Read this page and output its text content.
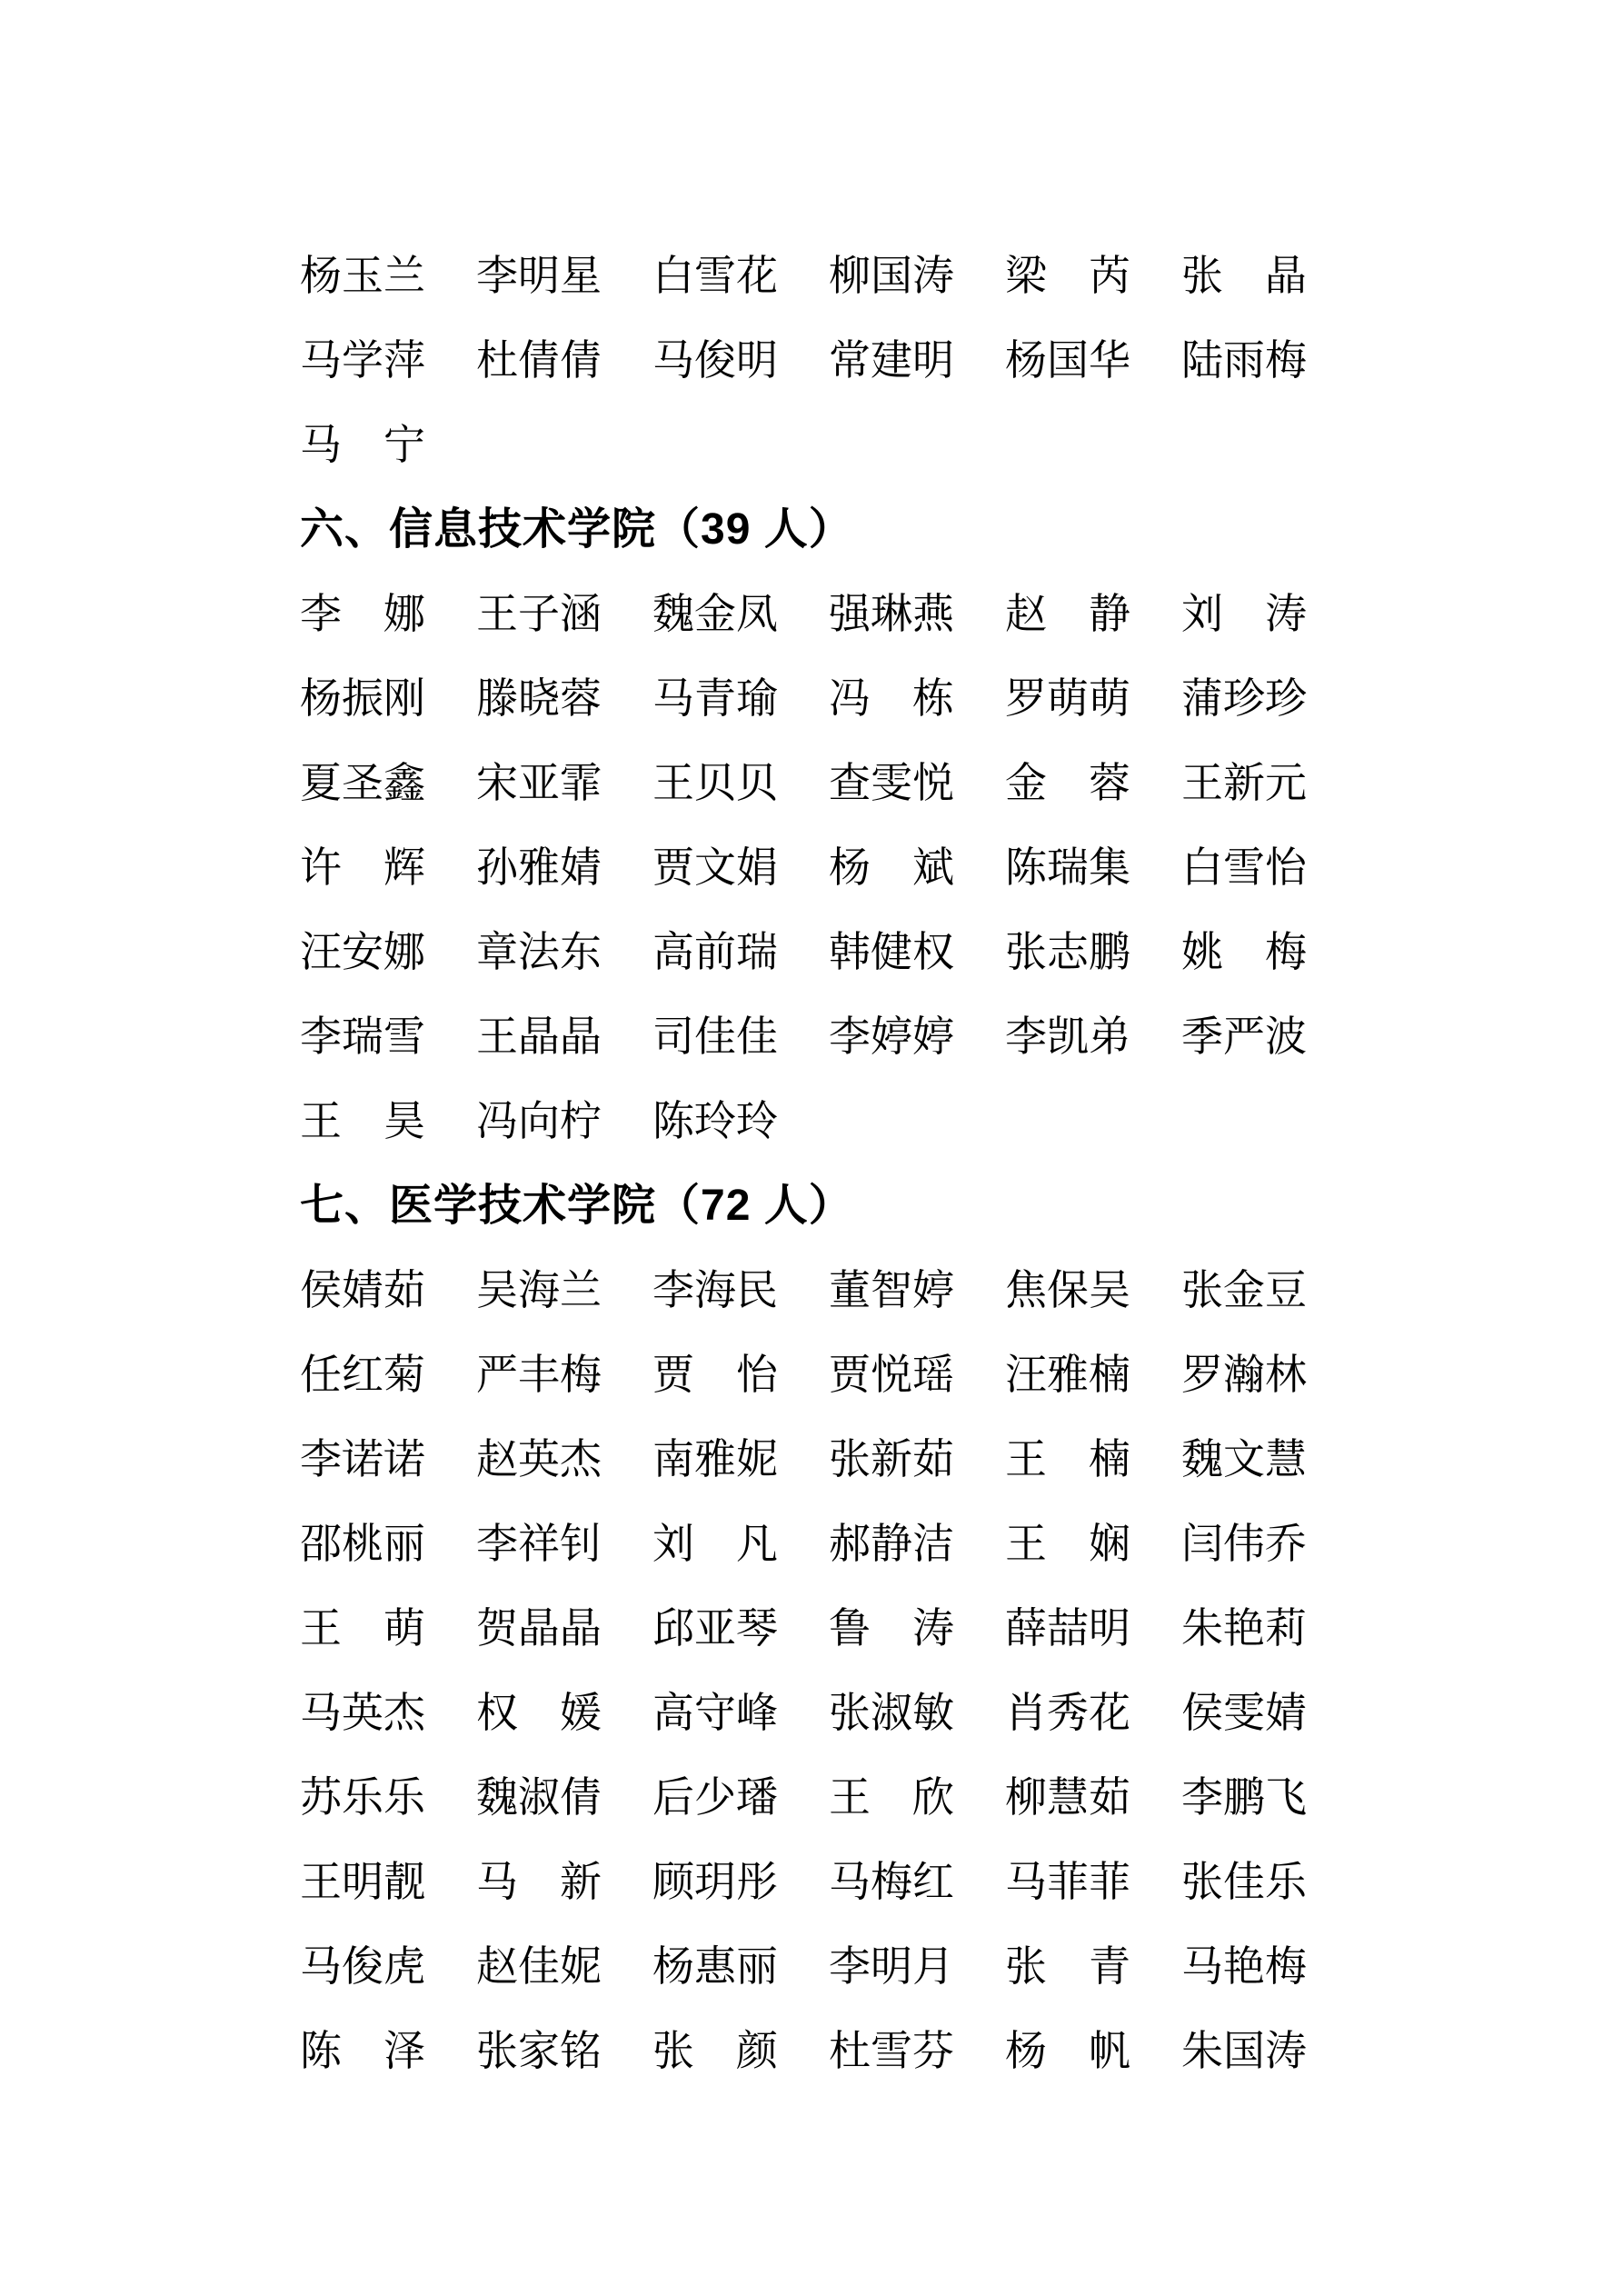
杨玉兰 李明星 白雪花 柳国涛 梁　芮 张　晶
马学萍 杜倩倩 马俊明 常建明 杨国华 陆雨梅
马　宁
六、信息技术学院（39 人）
李　娜 王子涵 魏金凤 强琳燕 赵　静 刘　涛
杨振刚 滕晓蓉 马青瑜 冯　栋 罗萌萌 蒲珍珍
夏圣鑫 宋亚霏 王贝贝 查雯悦 金　蓉 王新元
许　辉 孙雅婧 贾文娟 杨　斌 陈瑞集 白雪怡
汪安娜 章法东 高前瑞 韩健权 张志鹏 姚　梅
李瑞雪 王晶晶 司佳佳 李婷婷 李凯弟 季严波
王　昊 冯向柠 陈玲玲
七、医学技术学院（72 人）
侯婧茹 吴海兰 李海民 董智婷 焦保吴 张金豆
任红菊 严丰梅 贾　怡 贾悦瑶 汪雅楠 罗瀚林
李诺诺 赵英杰 南雅妮 张新茹 王　楠 魏文慧
邵桃丽 李祥钊 刘　凡 郝静洁 王　娴 闫伟乔
王　萌 贺晶晶 邱亚琴 鲁　涛 薛喆明 朱艳莉
马英杰 权　媛 高守峰 张淑敏 肖秀花 侯雯婧
苏乐乐 魏淑倩 后少璠 王　欣 柳慧茹 李鹏飞
王明靓 马　新 顾玥彤 马梅红 马菲菲 张佳乐
马俊虎 赵佳妮 杨惠丽 李明月 张　青 马艳梅
陈　泽 张家铭 张　颜 杜雪芬 杨　帆 朱国涛
